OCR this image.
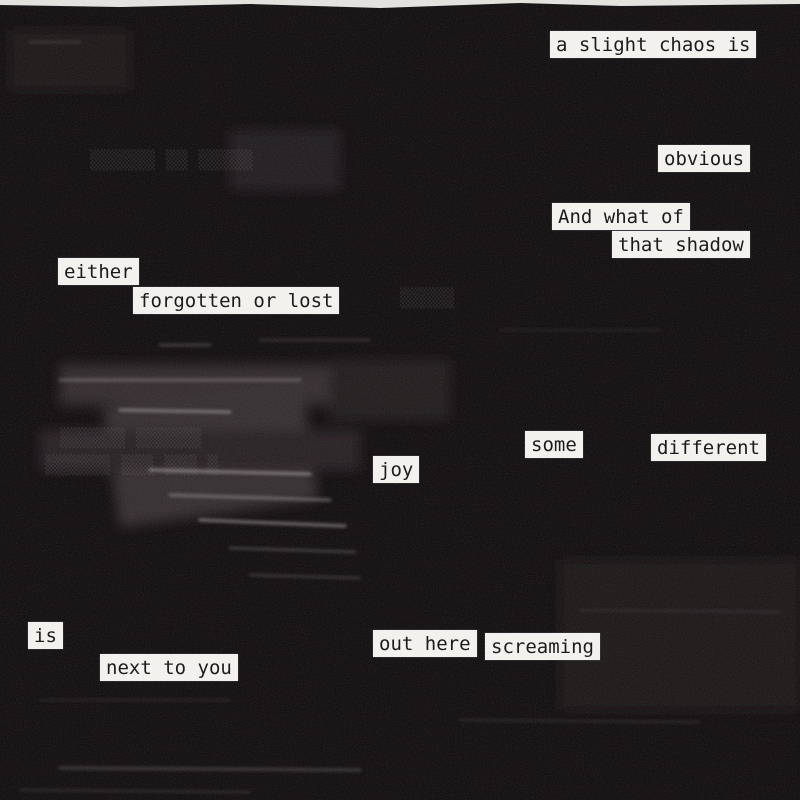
▒▒▒▒▒▒ ▒▒ ▒▒▒▒▒
▒▒▒▒▒▒ ▒▒▒▒▒▒
▒▒▒▒▒▒ ▒▒▒ ▒▒▒ ▒
▒▒▒▒▒
a slight chaos is
obvious
And what of
that shadow
either
forgotten or lost
some	different
joy
is	out here	screaming
next to you
